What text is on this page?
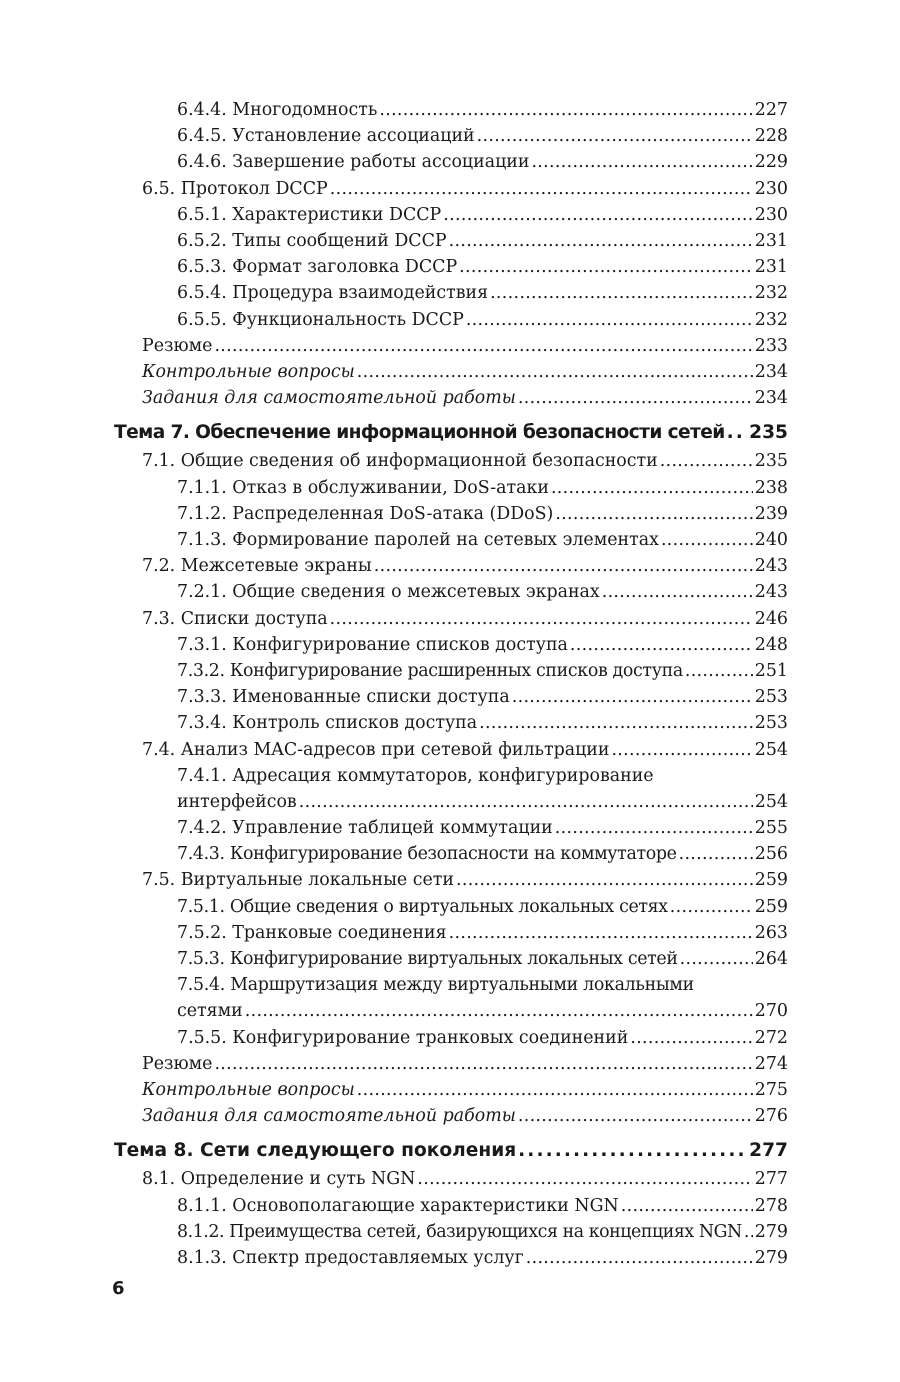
6.4.4. Многодомность . . .	227
6.4.5. Установление ассоциаций . . .	228
6.4.6. Завершение работы ассоциации . . .	229
6.5. Протокол DCCP . . .	230
6.5.1. Характеристики DCCP . . .	230
6.5.2. Типы сообщений DCCP . . .	231
6.5.3. Формат заголовка DCCP . . .	231
6.5.4. Процедура взаимодействия . . .	232
6.5.5. Функциональность DCCP . . .	232
Резюме . . .	233
Контрольные вопросы . . .	234
Задания для самостоятельной работы . . .	234
Тема 7. Обеспечение информационной безопасности сетей . . . 235
7.1. Общие сведения об информационной безопасности . . .	235
7.1.1. Отказ в обслуживании, DoS-атаки . . .	238
7.1.2. Распределенная DoS-атака (DDoS) . . .	239
7.1.3. Формирование паролей на сетевых элементах . . .	240
7.2. Межсетевые экраны . . .	243
7.2.1. Общие сведения о межсетевых экранах . . .	243
7.3. Списки доступа . . .	246
7.3.1. Конфигурирование списков доступа . . .	248
7.3.2. Конфигурирование расширенных списков доступа . . .	251
7.3.3. Именованные списки доступа . . .	253
7.3.4. Контроль списков доступа . . .	253
7.4. Анализ MAC-адресов при сетевой фильтрации . . .	254
7.4.1. Адресация коммутаторов, конфигурирование
интерфейсов . . .	254
7.4.2. Управление таблицей коммутации . . .	255
7.4.3. Конфигурирование безопасности на коммутаторе . . .	256
7.5. Виртуальные локальные сети . . .	259
7.5.1. Общие сведения о виртуальных локальных сетях . . .	259
7.5.2. Транковые соединения . . .	263
7.5.3. Конфигурирование виртуальных локальных сетей . . .	264
7.5.4. Маршрутизация между виртуальными локальными
сетями . . .	270
7.5.5. Конфигурирование транковых соединений . . .	272
Резюме . . .	274
Контрольные вопросы . . .	275
Задания для самостоятельной работы . . .	276
Тема 8. Сети следующего поколения . . .	277
8.1. Определение и суть NGN . . .	277
8.1.1. Основополагающие характеристики NGN . . .	278
8.1.2. Преимущества сетей, базирующихся на концепциях NGN . . . 279
8.1.3. Спектр предоставляемых услуг . . .	279
6
